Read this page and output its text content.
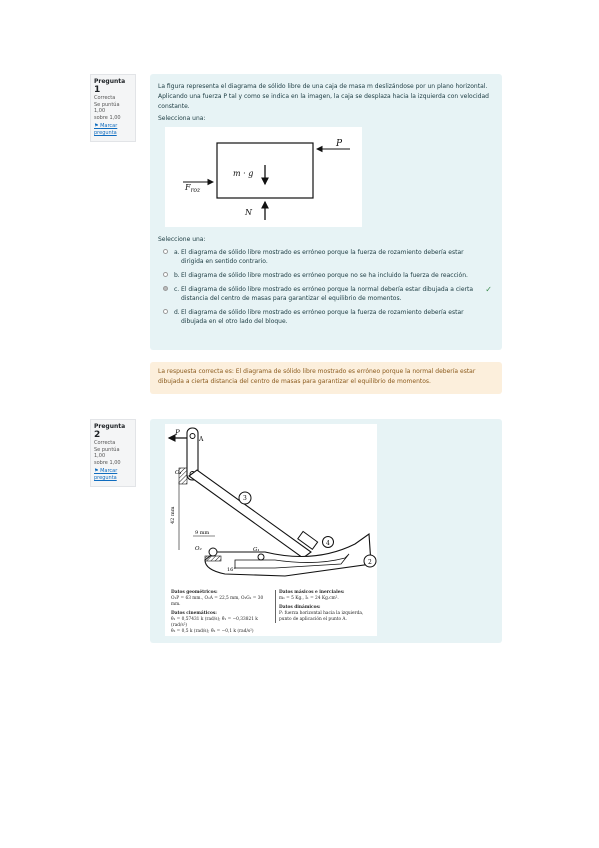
Pregunta 1
Correcta
Se puntúa 1,00
sobre 1,00
⚑ Marcar pregunta

La figura representa el diagrama de sólido libre de una caja de masa m deslizándose por un plano horizontal. Aplicando una fuerza P tal y como se indica en la imagen, la caja se desplaza hacia la izquierda con velocidad constante.

Selecciona una:

m · g
P
N
$F_{roz}$
Seleccione una:
a. El diagrama de sólido libre mostrado es erróneo porque la fuerza de rozamiento debería estar dirigida en sentido contrario.
b. El diagrama de sólido libre mostrado es erróneo porque no se ha incluido la fuerza de reacción.
c. El diagrama de sólido libre mostrado es erróneo porque la normal debería estar dibujada a cierta distancia del centro de masas para garantizar el equilibrio de momentos.
✓
d. El diagrama de sólido libre mostrado es erróneo porque la fuerza de rozamiento debería estar dibujada en el otro lado del bloque.
La respuesta correcta es: El diagrama de sólido libre mostrado es erróneo porque la normal debería estar dibujada a cierta distancia del centro de masas para garantizar el equilibrio de momentos.
Pregunta 2
Correcta
Se puntúa 1,00
sobre 1,00
⚑ Marcar pregunta
P
A
O₁
3
4
2
O₂	G₁
42 mm
9 mm
16°
Datos geométricos:
O₁P = 63 mm., O₁A = 22,5 mm, O₂G₁ = 30 mm.
Datos cinemáticos:
θ̇₁ = 0,57431 k (rad/s); θ̈₁ = −0,33821 k (rad/s²)
θ̇₂ = 0,5 k (rad/s); θ̈₂ = −0,1 k (rad/s²)
Datos másicos e inerciales:
m₁ = 5 Kg., I₁ = 24 Kg.cm².
Datos dinámicos:
P: fuerza horizontal hacia la izquierda,
punto de aplicación el punto A.
